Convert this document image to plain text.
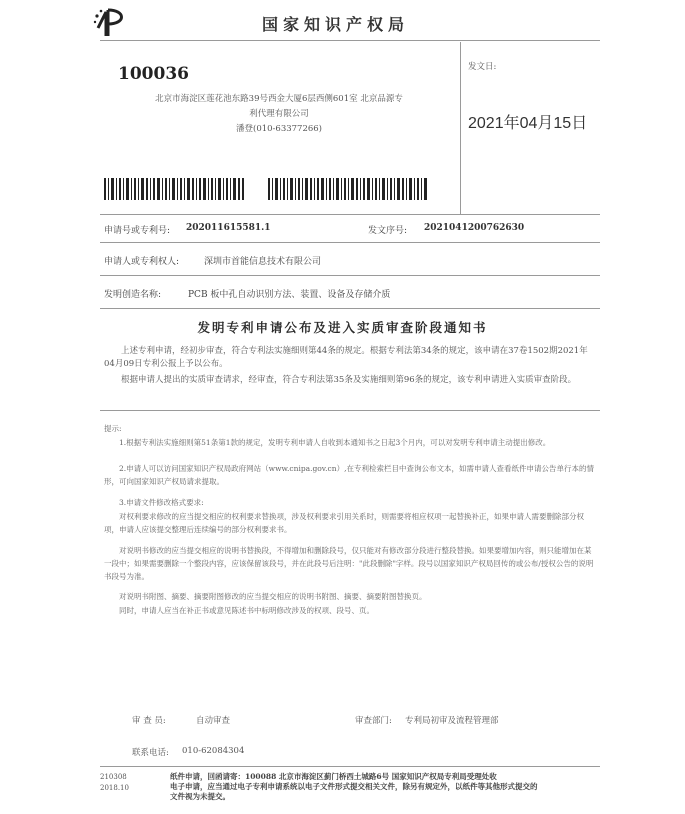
国家知识产权局
100036
北京市海淀区莲花池东路39号西金大厦6层西侧601室 北京品源专
利代理有限公司
潘登(010-63377266)
发文日:
2021年04月15日
申请号或专利号: 202011615581.1	发文序号: 2021041200762630
申请人或专利权人:	深圳市首能信息技术有限公司
发明创造名称:	PCB 板中孔自动识别方法、装置、设备及存储介质
发明专利申请公布及进入实质审查阶段通知书
上述专利申请，经初步审查，符合专利法实施细则第44条的规定。根据专利法第34条的规定，该申请在37卷1502期2021年04月09日专利公报上予以公布。
根据申请人提出的实质审查请求，经审查，符合专利法第35条及实施细则第96条的规定，该专利申请进入实质审查阶段。
提示:
1.根据专利法实施细则第51条第1款的规定，发明专利申请人自收到本通知书之日起3个月内，可以对发明专利申请主动提出修改。
2.申请人可以访问国家知识产权局政府网站（www.cnipa.gov.cn）,在专利检索栏目中查询公布文本，如需申请人查看纸件申请公告单行本的情形，可向国家知识产权局请求提取。
3.申请文件修改格式要求:
对权利要求修改的应当提交相应的权利要求替换项，涉及权利要求引用关系时，则需要将相应权项一起替换补正，如果申请人需要删除部分权项，申请人应该提交整理后连续编号的部分权利要求书。
对说明书修改的应当提交相应的说明书替换段，不得增加和删除段号，仅只能对有修改部分段进行整段替换。如果要增加内容，则只能增加在某一段中；如果需要删除一个整段内容，应该保留该段号，并在此段号后注明："此段删除"字样。段号以国家知识产权局回传的或公布/授权公告的说明书段号为准。
对说明书附图、摘要、摘要附图修改的应当提交相应的说明书附图、摘要、摘要附图替换页。
同时，申请人应当在补正书或意见陈述书中标明修改涉及的权项、段号、页。
审 查 员:	自动审查	审查部门: 专利局初审及流程管理部
联系电话: 010-62084304
210308
2018.10
纸件申请，回函请寄：100088 北京市海淀区蓟门桥西土城路6号 国家知识产权局专利局受理处收
电子申请，应当通过电子专利申请系统以电子文件形式提交相关文件，除另有规定外，以纸件等其他形式提交的
文件视为未提交。
